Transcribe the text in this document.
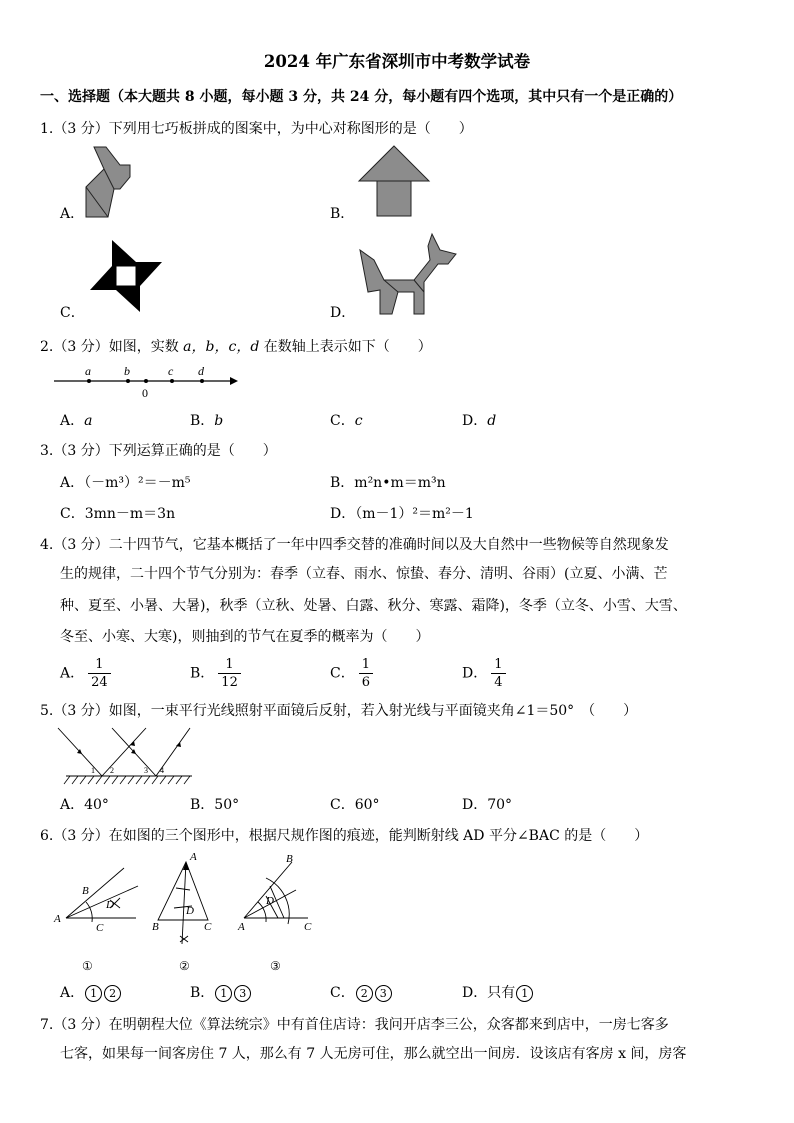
2024 年广东省深圳市中考数学试卷
一、选择题（本大题共 8 小题，每小题 3 分，共 24 分，每小题有四个选项，其中只有一个是正确的）
1.（3 分）下列用七巧板拼成的图案中，为中心对称图形的是（　　）
A．	B．
C．	D．
2.（3 分）如图，实数 a，b，c，d 在数轴上表示如下（　　）
a	b
0
c d
A．a	B．b	C．c	D．d
3.（3 分）下列运算正确的是（　　）
A．（－m³）²＝－m⁵	B．m²n•m＝m³n
C．3mn－m＝3n	D．（m－1）²＝m²－1
4.（3 分）二十四节气，它基本概括了一年中四季交替的准确时间以及大自然中一些物候等自然现象发
生的规律，二十四个节气分别为：春季（立春、雨水、惊蛰、春分、清明、谷雨）(立夏、小满、芒
种、夏至、小暑、大暑)，秋季（立秋、处暑、白露、秋分、寒露、霜降)，冬季（立冬、小雪、大雪、
冬至、小寒、大寒)，则抽到的节气在夏季的概率为（　　）
A． $\frac{1}{24}$	B． $\frac{1}{12}$	C． $\frac{1}{6}$	D． $\frac{1}{4}$
5.（3 分）如图，一束平行光线照射平面镜后反射，若入射光线与平面镜夹角∠1＝50°　（　　）
1 2	3 4
A．40°	B．50°	C．60°	D．70°
6.（3 分）在如图的三个图形中，根据尺规作图的痕迹，能判断射线 AD 平分∠BAC 的是（　　）
A
B
C
D
①
A
B	C
D
②
A
B
C
D
③
A． 1 2	B． 1 3	C． 2 3	D．只有 1
7.（3 分）在明朝程大位《算法统宗》中有首住店诗：我问开店李三公，众客都来到店中，一房七客多
七客，如果每一间客房住 7 人，那么有 7 人无房可住，那么就空出一间房．设该店有客房 x 间，房客
